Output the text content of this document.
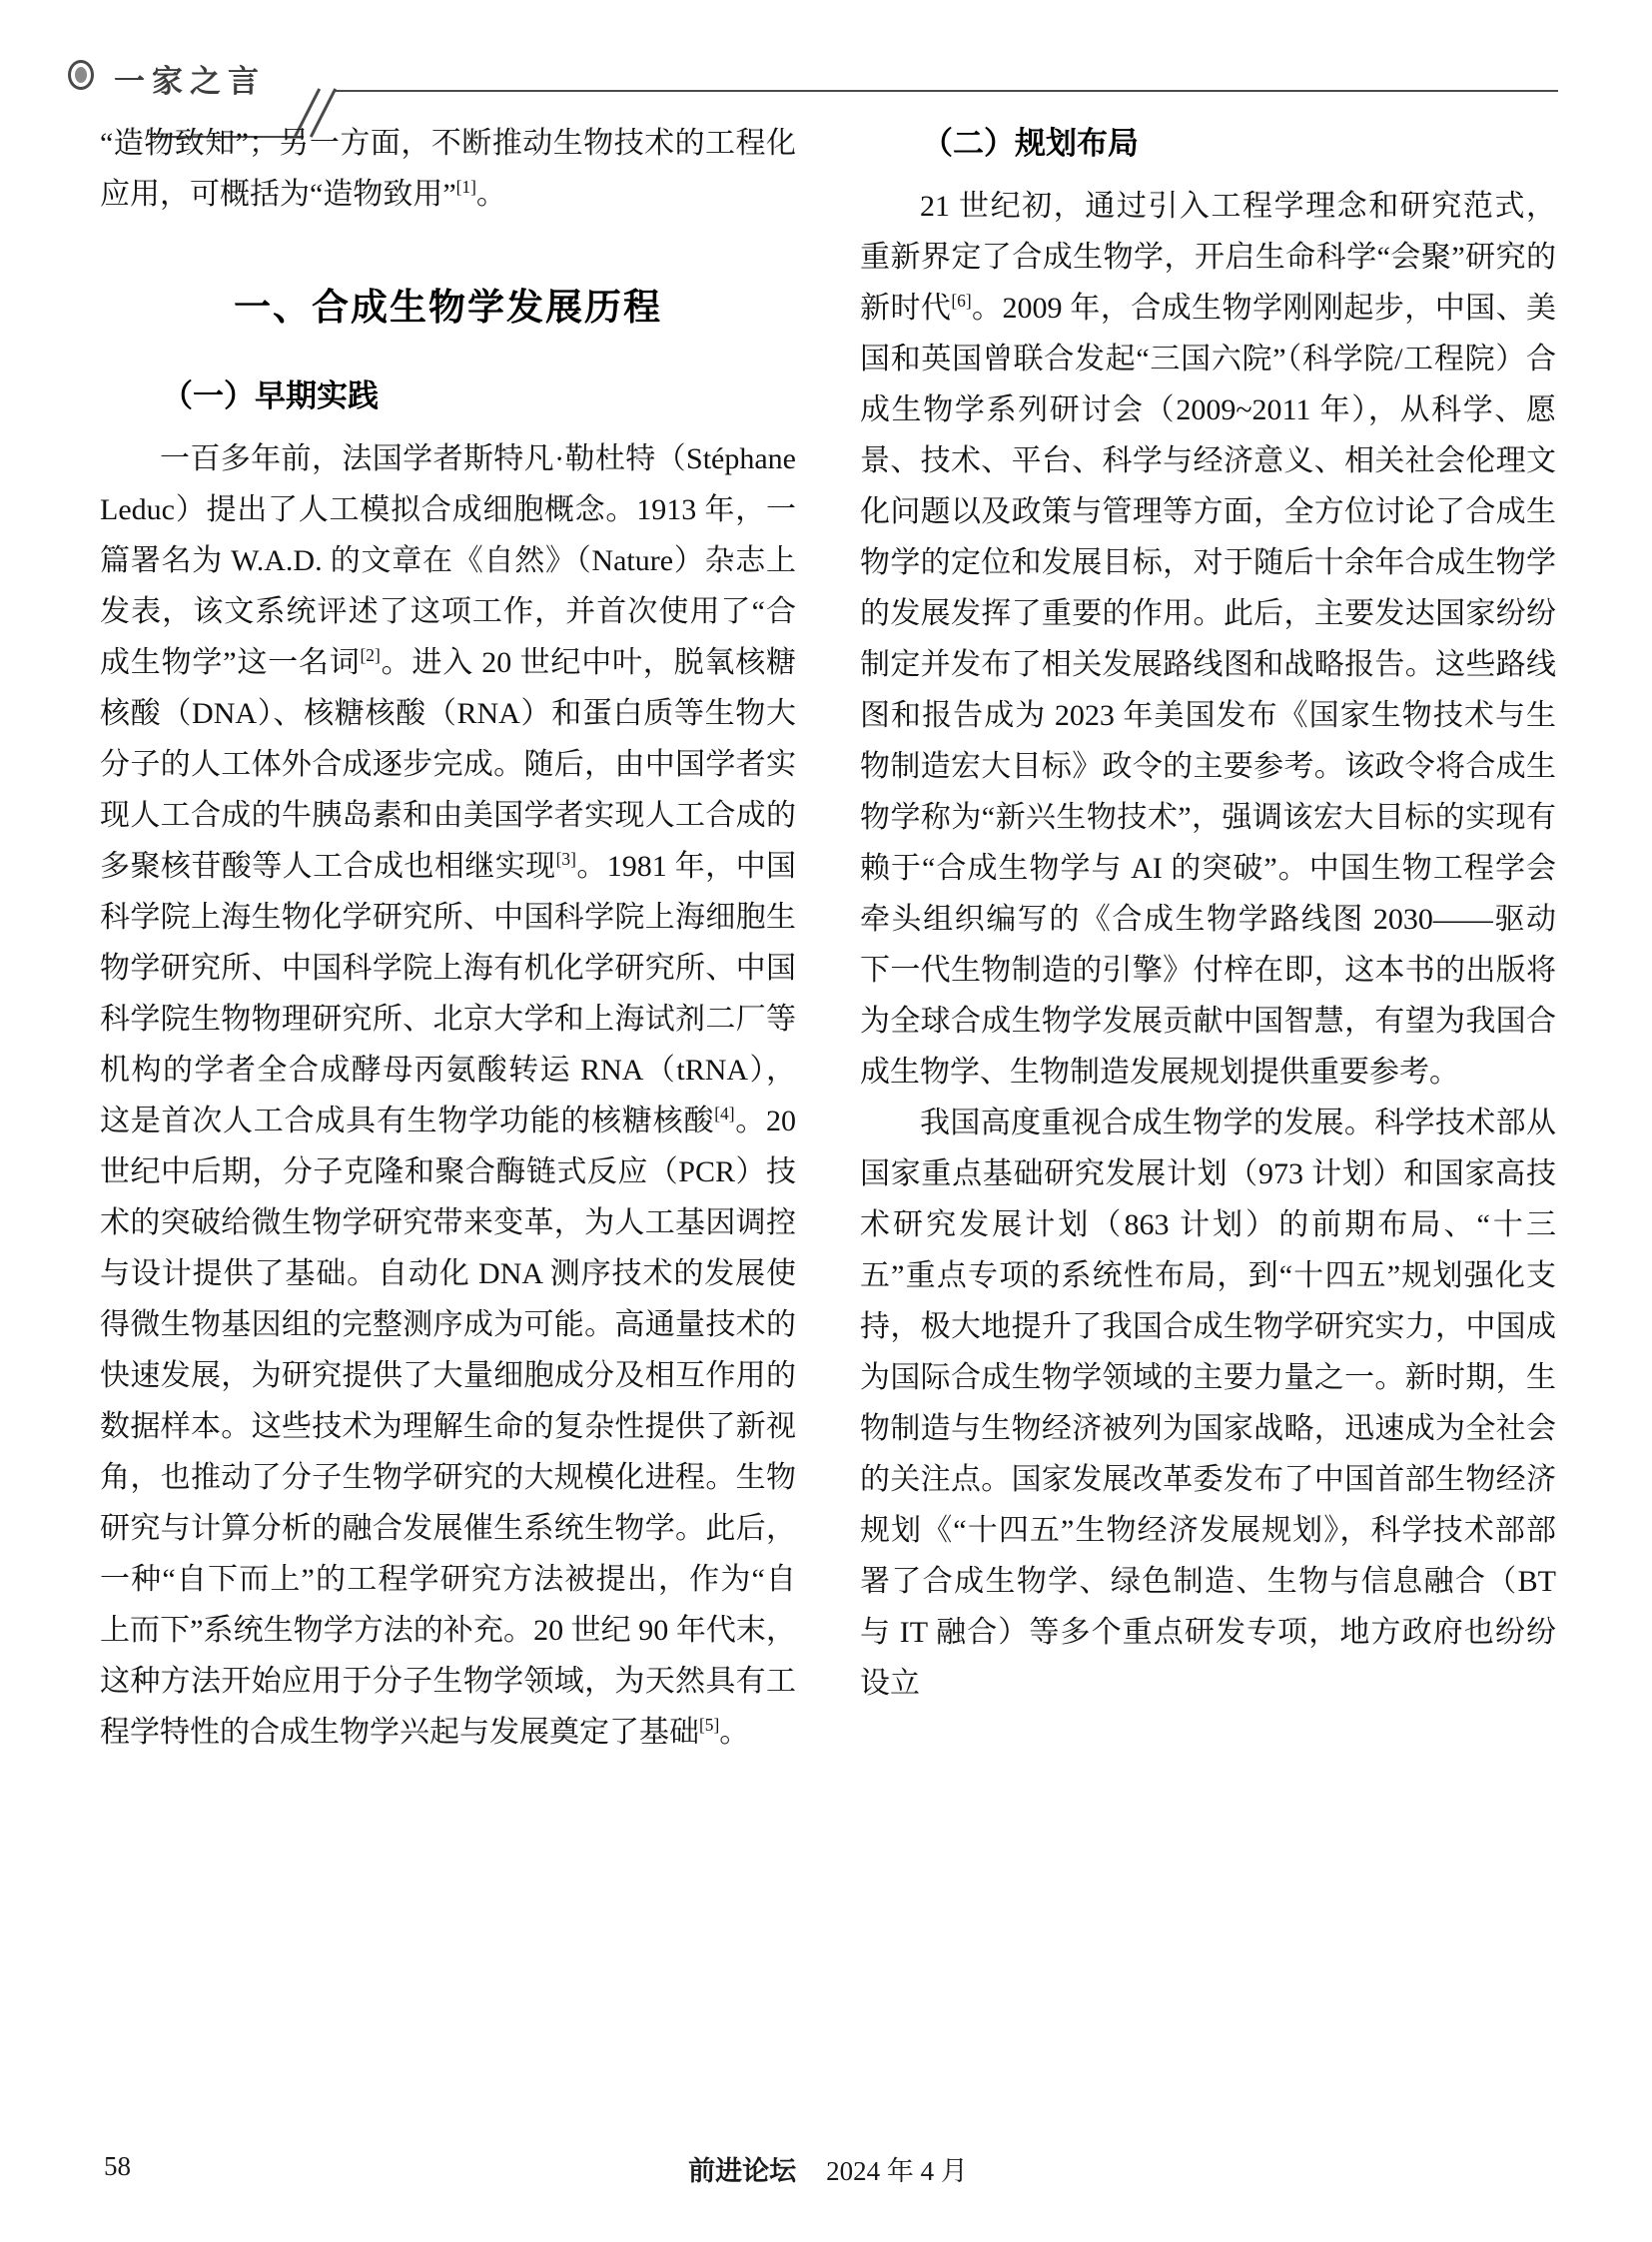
一家之言

“造物致知”；另一方面，不断推动生物技术的工程化应用，可概括为“造物致用”[1]。

一、合成生物学发展历程
（一）早期实践

一百多年前，法国学者斯特凡·勒杜特（Stéphane Leduc）提出了人工模拟合成细胞概念。1913 年，一篇署名为 W.A.D. 的文章在《自然》（Nature）杂志上发表，该文系统评述了这项工作，并首次使用了“合成生物学”这一名词[2]。进入 20 世纪中叶，脱氧核糖核酸（DNA）、核糖核酸（RNA）和蛋白质等生物大分子的人工体外合成逐步完成。随后，由中国学者实现人工合成的牛胰岛素和由美国学者实现人工合成的多聚核苷酸等人工合成也相继实现[3]。1981 年，中国科学院上海生物化学研究所、中国科学院上海细胞生物学研究所、中国科学院上海有机化学研究所、中国科学院生物物理研究所、北京大学和上海试剂二厂等机构的学者全合成酵母丙氨酸转运 RNA（tRNA），这是首次人工合成具有生物学功能的核糖核酸[4]。20 世纪中后期，分子克隆和聚合酶链式反应（PCR）技术的突破给微生物学研究带来变革，为人工基因调控与设计提供了基础。自动化 DNA 测序技术的发展使得微生物基因组的完整测序成为可能。高通量技术的快速发展，为研究提供了大量细胞成分及相互作用的数据样本。这些技术为理解生命的复杂性提供了新视角，也推动了分子生物学研究的大规模化进程。生物研究与计算分析的融合发展催生系统生物学。此后，一种“自下而上”的工程学研究方法被提出，作为“自上而下”系统生物学方法的补充。20 世纪 90 年代末，这种方法开始应用于分子生物学领域，为天然具有工程学特性的合成生物学兴起与发展奠定了基础[5]。

（二）规划布局

21 世纪初，通过引入工程学理念和研究范式，重新界定了合成生物学，开启生命科学“会聚”研究的新时代[6]。2009 年，合成生物学刚刚起步，中国、美国和英国曾联合发起“三国六院”（科学院/工程院）合成生物学系列研讨会（2009~2011 年），从科学、愿景、技术、平台、科学与经济意义、相关社会伦理文化问题以及政策与管理等方面，全方位讨论了合成生物学的定位和发展目标，对于随后十余年合成生物学的发展发挥了重要的作用。此后，主要发达国家纷纷制定并发布了相关发展路线图和战略报告。这些路线图和报告成为 2023 年美国发布《国家生物技术与生物制造宏大目标》政令的主要参考。该政令将合成生物学称为“新兴生物技术”，强调该宏大目标的实现有赖于“合成生物学与 AI 的突破”。中国生物工程学会牵头组织编写的《合成生物学路线图 2030——驱动下一代生物制造的引擎》付梓在即，这本书的出版将为全球合成生物学发展贡献中国智慧，有望为我国合成生物学、生物制造发展规划提供重要参考。

我国高度重视合成生物学的发展。科学技术部从国家重点基础研究发展计划（973 计划）和国家高技术研究发展计划（863 计划）的前期布局、“十三五”重点专项的系统性布局，到“十四五”规划强化支持，极大地提升了我国合成生物学研究实力，中国成为国际合成生物学领域的主要力量之一。新时期，生物制造与生物经济被列为国家战略，迅速成为全社会的关注点。国家发展改革委发布了中国首部生物经济规划《“十四五”生物经济发展规划》，科学技术部部署了合成生物学、绿色制造、生物与信息融合（BT 与 IT 融合）等多个重点研发专项，地方政府也纷纷设立

58	前进论坛 2024 年 4 月
